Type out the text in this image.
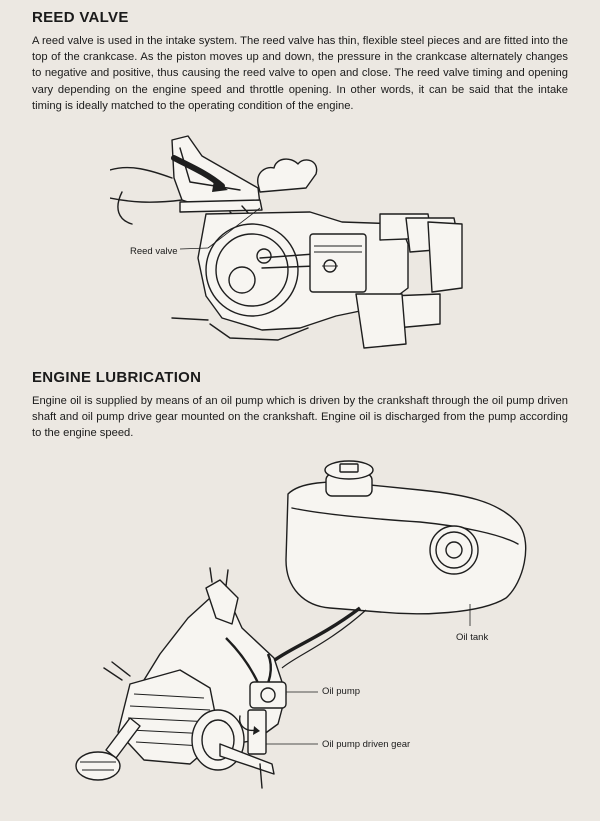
REED VALVE
A reed valve is used in the intake system. The reed valve has thin, flexible steel pieces and are fitted into the top of the crankcase. As the piston moves up and down, the pressure in the crankcase alternately changes to negative and positive, thus causing the reed valve to open and close. The reed valve timing and opening vary depending on the engine speed and throttle opening. In other words, it can be said that the intake timing is ideally matched to the operating condition of the engine.
Reed valve
ENGINE LUBRICATION
Engine oil is supplied by means of an oil pump which is driven by the crankshaft through the oil pump driven shaft and oil pump drive gear mounted on the crankshaft. Engine oil is discharged from the pump according to the engine speed.
Oil tank
Oil pump
Oil pump driven gear
